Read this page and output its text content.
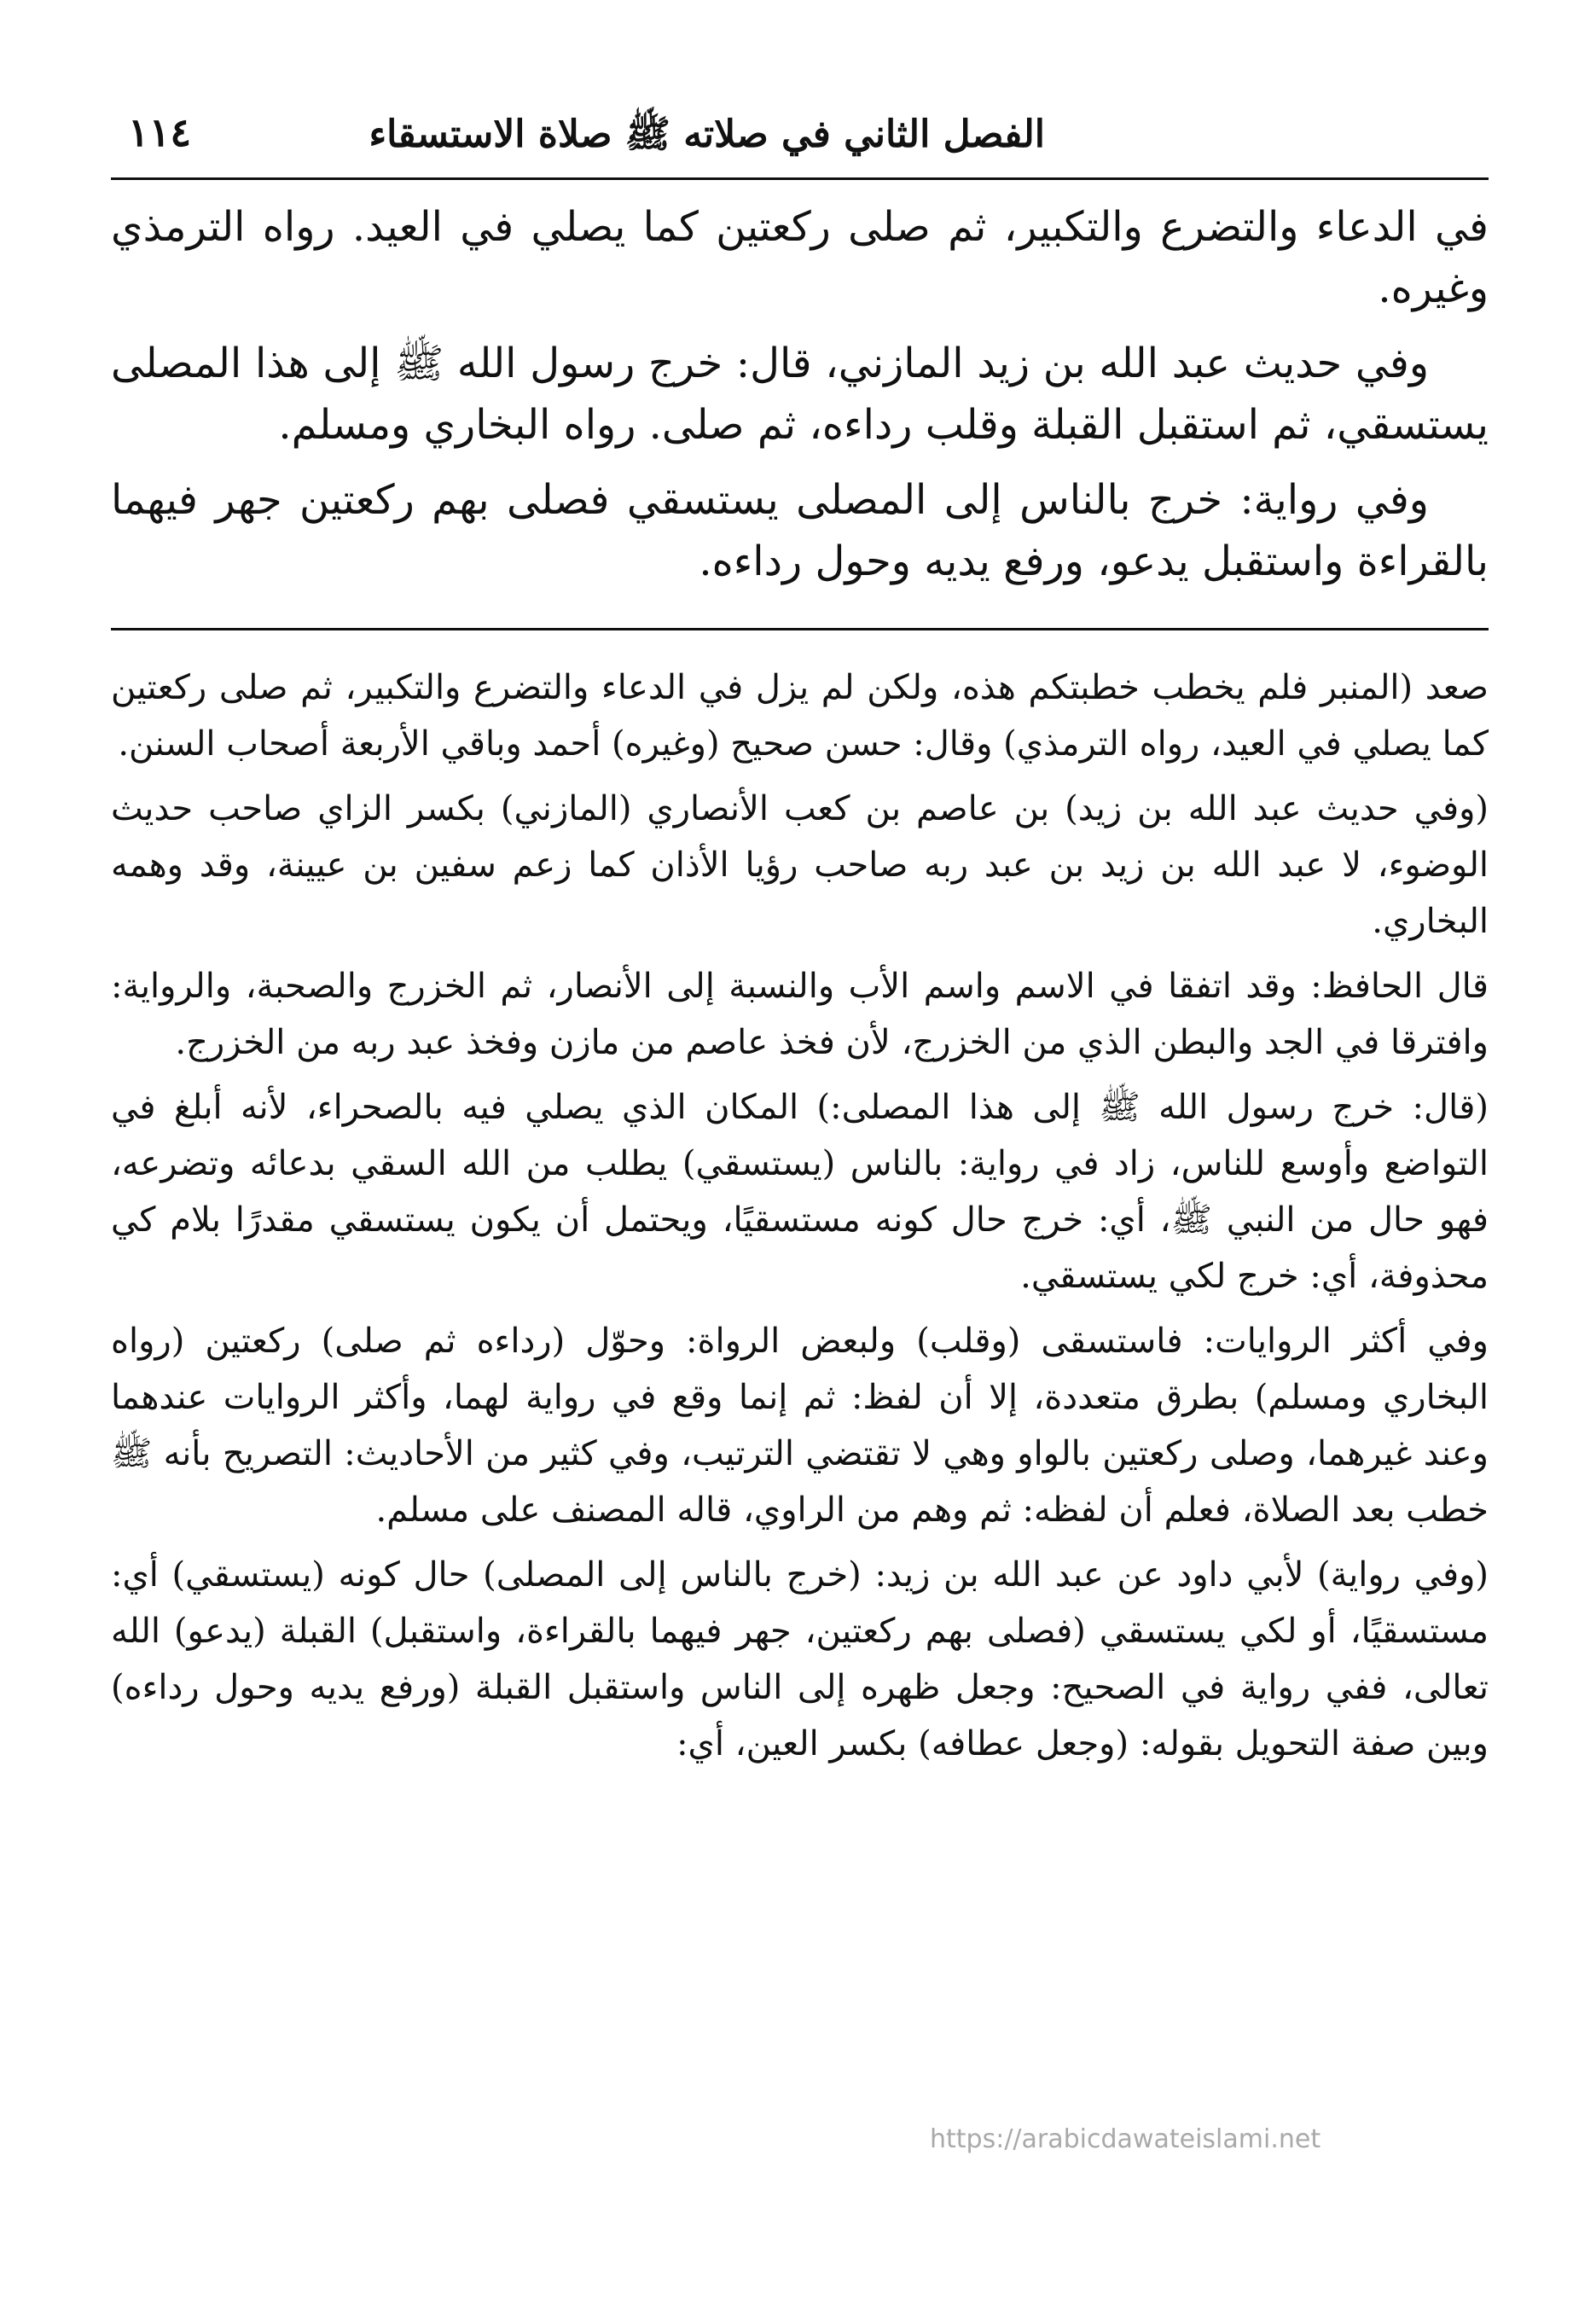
الفصل الثاني في صلاته ﷺ صلاة الاستسقاء
١١٤

في الدعاء والتضرع والتكبير، ثم صلى ركعتين كما يصلي في العيد. رواه الترمذي وغيره.

وفي حديث عبد الله بن زيد المازني، قال: خرج رسول الله ﷺ إلى هذا المصلى يستسقي، ثم استقبل القبلة وقلب رداءه، ثم صلى. رواه البخاري ومسلم.

وفي رواية: خرج بالناس إلى المصلى يستسقي فصلى بهم ركعتين جهر فيهما بالقراءة واستقبل يدعو، ورفع يديه وحول رداءه.

صعد (المنبر فلم يخطب خطبتكم هذه، ولكن لم يزل في الدعاء والتضرع والتكبير، ثم صلى ركعتين كما يصلي في العيد، رواه الترمذي) وقال: حسن صحيح (وغيره) أحمد وباقي الأربعة أصحاب السنن.

(وفي حديث عبد الله بن زيد) بن عاصم بن كعب الأنصاري (المازني) بكسر الزاي صاحب حديث الوضوء، لا عبد الله بن زيد بن عبد ربه صاحب رؤيا الأذان كما زعم سفين بن عيينة، وقد وهمه البخاري.

قال الحافظ: وقد اتفقا في الاسم واسم الأب والنسبة إلى الأنصار، ثم الخزرج والصحبة، والرواية: وافترقا في الجد والبطن الذي من الخزرج، لأن فخذ عاصم من مازن وفخذ عبد ربه من الخزرج.

(قال: خرج رسول الله ﷺ إلى هذا المصلى:) المكان الذي يصلي فيه بالصحراء، لأنه أبلغ في التواضع وأوسع للناس، زاد في رواية: بالناس (يستسقي) يطلب من الله السقي بدعائه وتضرعه، فهو حال من النبي ﷺ، أي: خرج حال كونه مستسقيًا، ويحتمل أن يكون يستسقي مقدرًا بلام كي محذوفة، أي: خرج لكي يستسقي.

وفي أكثر الروايات: فاستسقى (وقلب) ولبعض الرواة: وحوّل (رداءه ثم صلى) ركعتين (رواه البخاري ومسلم) بطرق متعددة، إلا أن لفظ: ثم إنما وقع في رواية لهما، وأكثر الروايات عندهما وعند غيرهما، وصلى ركعتين بالواو وهي لا تقتضي الترتيب، وفي كثير من الأحاديث: التصريح بأنه ﷺ خطب بعد الصلاة، فعلم أن لفظه: ثم وهم من الراوي، قاله المصنف على مسلم.

(وفي رواية) لأبي داود عن عبد الله بن زيد: (خرج بالناس إلى المصلى) حال كونه (يستسقي) أي: مستسقيًا، أو لكي يستسقي (فصلى بهم ركعتين، جهر فيهما بالقراءة، واستقبل) القبلة (يدعو) الله تعالى، ففي رواية في الصحيح: وجعل ظهره إلى الناس واستقبل القبلة (ورفع يديه وحول رداءه) وبين صفة التحويل بقوله: (وجعل عطافه) بكسر العين، أي:

https://arabicdawateislami.net
